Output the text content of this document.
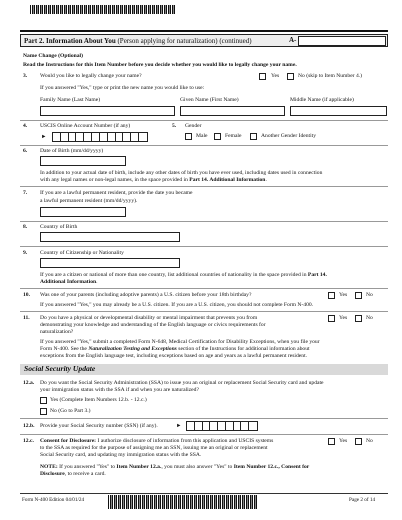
Part 2. Information About You (Person applying for naturalization) (continued)	A-
Name Change (Optional)
Read the Instructions for this Item Number before you decide whether you would like to legally change your name.
3. Would you like to legally change your name?	Yes	No (skip to Item Number 4.)
If you answered "Yes," type or print the new name you would like to use:
Family Name (Last Name)	Given Name (First Name)	Middle Name (if applicable)
4. USCIS Online Account Number (if any)
►
5. Gender
Male	Female	Another Gender Identity
6. Date of Birth (mm/dd/yyyy)
In addition to your actual date of birth, include any other dates of birth you have ever used, including dates used in connection
with any legal names or non-legal names, in the space provided in Part 14. Additional Information.
7. If you are a lawful permanent resident, provide the date you became
a lawful permanent resident (mm/dd/yyyy).
8. Country of Birth
9. Country of Citizenship or Nationality
If you are a citizen or national of more than one country, list additional countries of nationality in the space provided in Part 14.
Additional Information.
10. Was one of your parents (including adoptive parents) a U.S. citizen before your 18th birthday?	Yes	No
If you answered "Yes," you may already be a U.S. citizen. If you are a U.S. citizen, you should not complete Form N-400.
11. Do you have a physical or developmental disability or mental impairment that prevents you from
demonstrating your knowledge and understanding of the English language or civics requirements for
naturalization?
Yes	No
If you answered "Yes," submit a completed Form N-648, Medical Certification for Disability Exceptions, when you file your
Form N-400. See the Naturalization Testing and Exceptions section of the Instructions for additional information about
exceptions from the English language test, including exceptions based on age and years as a lawful permanent resident.
Social Security Update
12.a. Do you want the Social Security Administration (SSA) to issue you an original or replacement Social Security card and update
your immigration status with the SSA if and when you are naturalized?
Yes (Complete Item Numbers 12.b. - 12.c.)
No (Go to Part 3.)
12.b. Provide your Social Security number (SSN) (if any).	►
12.c. Consent for Disclosure: I authorize disclosure of information from this application and USCIS systems
to the SSA as required for the purpose of assigning me an SSN, issuing me an original or replacement
Social Security card, and updating my immigration status with the SSA.
Yes	No
NOTE: If you answered "Yes" to Item Number 12.a., you must also answer "Yes" to Item Number 12.c., Consent for
Disclosure, to receive a card.
Form N-400 Edition 04/01/24	Page 2 of 14
